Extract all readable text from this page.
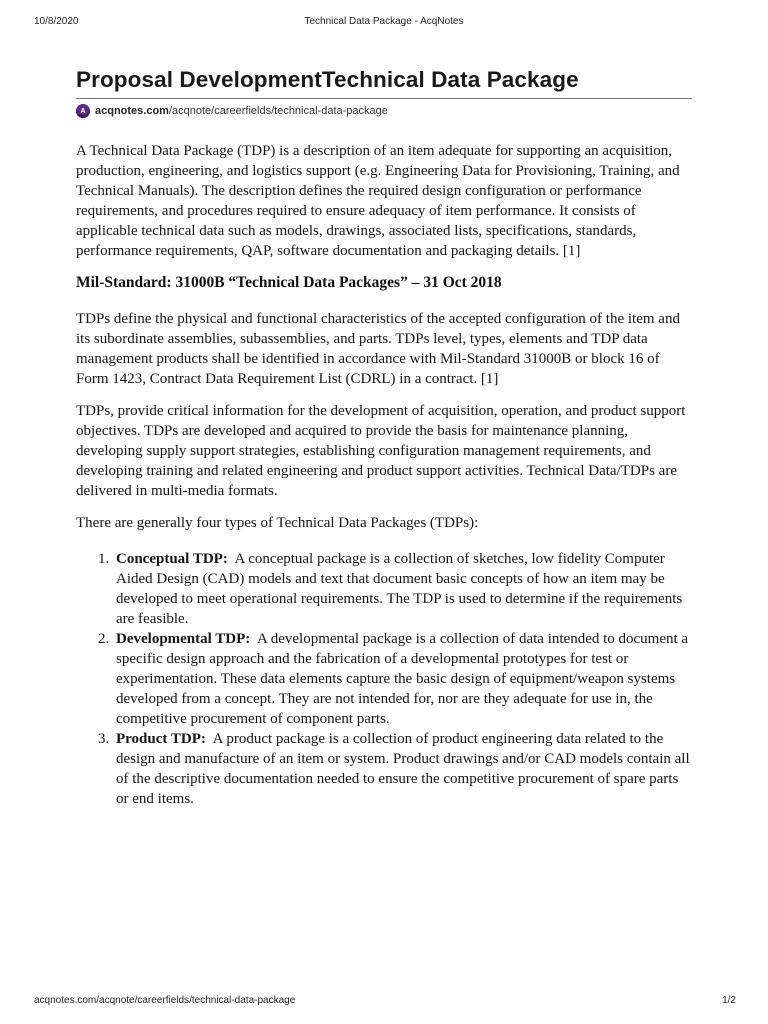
10/8/2020	Technical Data Package - AcqNotes
Proposal DevelopmentTechnical Data Package
A acqnotes.com /acqnote/careerfields/technical-data-package

A Technical Data Package (TDP) is a description of an item adequate for supporting an acquisition, production, engineering, and logistics support (e.g. Engineering Data for Provisioning, Training, and Technical Manuals). The description defines the required design configuration or performance requirements, and procedures required to ensure adequacy of item performance. It consists of applicable technical data such as models, drawings, associated lists, specifications, standards, performance requirements, QAP, software documentation and packaging details. [1]

Mil-Standard: 31000B “Technical Data Packages” – 31 Oct 2018

TDPs define the physical and functional characteristics of the accepted configuration of the item and its subordinate assemblies, subassemblies, and parts. TDPs level, types, elements and TDP data management products shall be identified in accordance with Mil-Standard 31000B or block 16 of Form 1423, Contract Data Requirement List (CDRL) in a contract. [1]

TDPs, provide critical information for the development of acquisition, operation, and product support objectives. TDPs are developed and acquired to provide the basis for maintenance planning, developing supply support strategies, establishing configuration management requirements, and developing training and related engineering and product support activities. Technical Data/TDPs are delivered in multi-media formats.

There are generally four types of Technical Data Packages (TDPs):

1. Conceptual TDP: A conceptual package is a collection of sketches, low fidelity Computer Aided Design (CAD) models and text that document basic concepts of how an item may be developed to meet operational requirements. The TDP is used to determine if the requirements are feasible.
2. Developmental TDP: A developmental package is a collection of data intended to document a specific design approach and the fabrication of a developmental prototypes for test or experimentation. These data elements capture the basic design of equipment/weapon systems developed from a concept. They are not intended for, nor are they adequate for use in, the competitive procurement of component parts.
3. Product TDP: A product package is a collection of product engineering data related to the design and manufacture of an item or system. Product drawings and/or CAD models contain all of the descriptive documentation needed to ensure the competitive procurement of spare parts or end items.
acqnotes.com/acqnote/careerfields/technical-data-package	1/2
